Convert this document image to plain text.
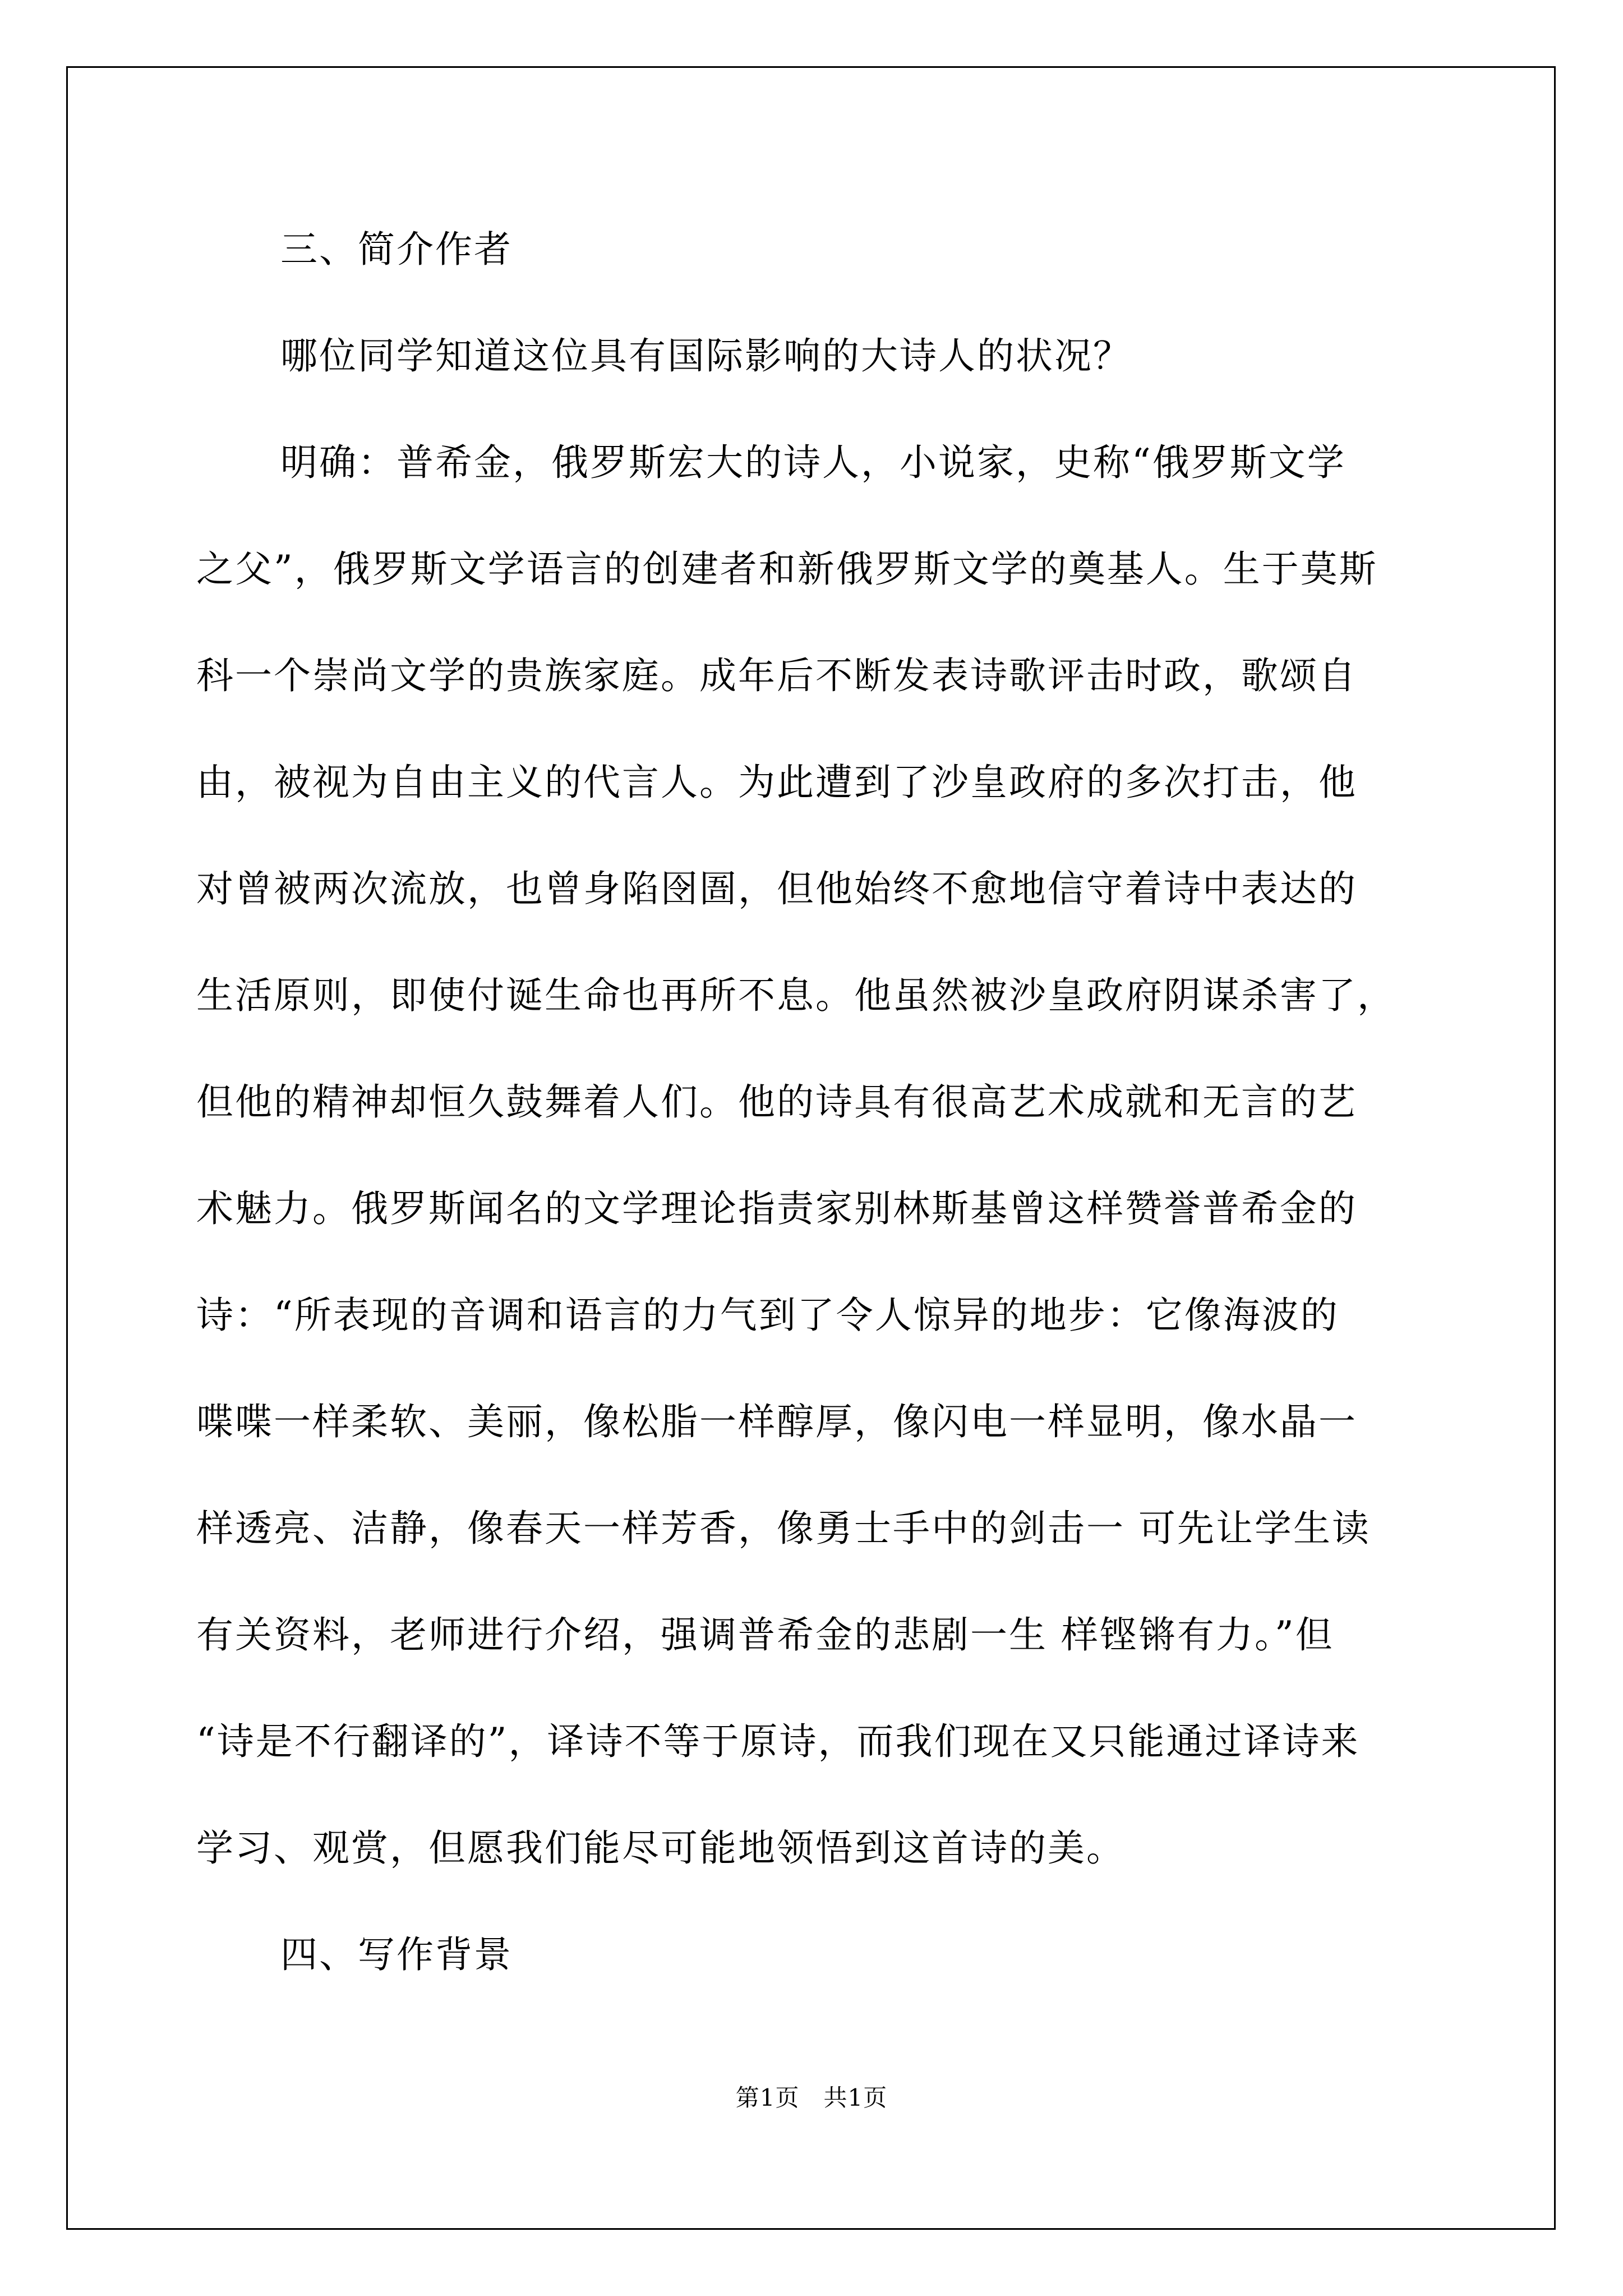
三、简介作者
哪位同学知道这位具有国际影响的大诗人的状况？
明确：普希金，俄罗斯宏大的诗人，小说家，史称“俄罗斯文学
之父”，俄罗斯文学语言的创建者和新俄罗斯文学的奠基人。生于莫斯
科一个崇尚文学的贵族家庭。成年后不断发表诗歌评击时政，歌颂自
由，被视为自由主义的代言人。为此遭到了沙皇政府的多次打击，他
对曾被两次流放，也曾身陷囹圄，但他始终不愈地信守着诗中表达的
生活原则，即使付诞生命也再所不息。他虽然被沙皇政府阴谋杀害了，
但他的精神却恒久鼓舞着人们。他的诗具有很高艺术成就和无言的艺
术魅力。俄罗斯闻名的文学理论指责家别林斯基曾这样赞誉普希金的
诗：“所表现的音调和语言的力气到了令人惊异的地步：它像海波的
喋喋一样柔软、美丽，像松脂一样醇厚，像闪电一样显明，像水晶一
样透亮、洁静，像春天一样芳香，像勇士手中的剑击一 可先让学生读
有关资料，老师进行介绍，强调普希金的悲剧一生 样铿锵有力。”但
“诗是不行翻译的”，译诗不等于原诗，而我们现在又只能通过译诗来
学习、观赏，但愿我们能尽可能地领悟到这首诗的美。
四、写作背景
第1页　共1页
